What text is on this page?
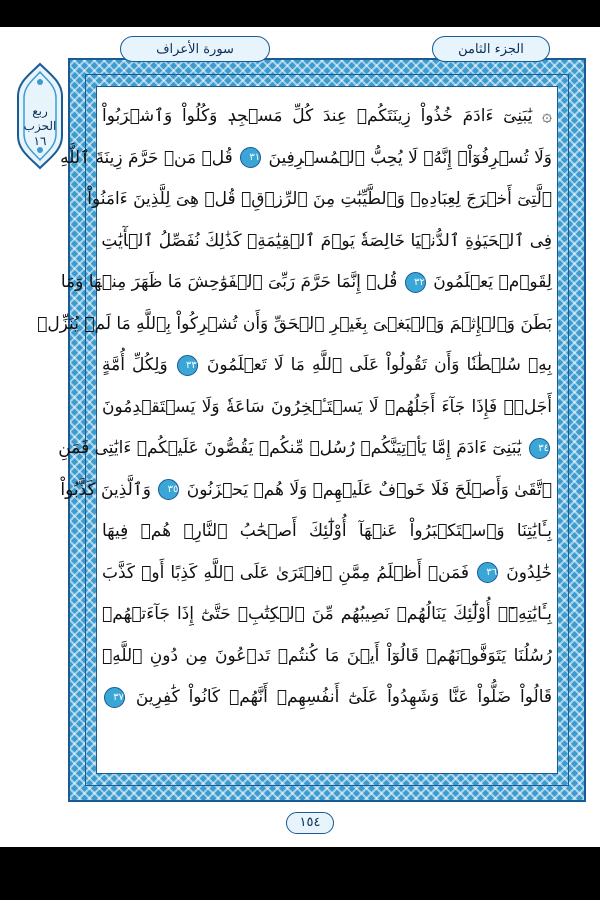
ربع
الحزب
١٦
الجزء الثامن
سورة الأعراف
۞ يَٰبَنِىٓ ءَادَمَ خُذُواْ زِينَتَكُمۡ عِندَ كُلِّ مَسۡجِدٖ وَكُلُواْ وَٱشۡرَبُواْ
وَلَا تُسۡرِفُوٓاْۚ إِنَّهُۥ لَا يُحِبُّ ٱلۡمُسۡرِفِينَ ٣١ قُلۡ مَنۡ حَرَّمَ زِينَةَ ٱللَّهِ
ٱلَّتِىٓ أَخۡرَجَ لِعِبَادِهِۦ وَٱلطَّيِّبَٰتِ مِنَ ٱلرِّزۡقِۚ قُلۡ هِىَ لِلَّذِينَ ءَامَنُواْ
فِى ٱلۡحَيَوٰةِ ٱلدُّنۡيَا خَالِصَةٗ يَوۡمَ ٱلۡقِيَٰمَةِۗ كَذَٰلِكَ نُفَصِّلُ ٱلۡأٓيَٰتِ
لِقَوۡمٖ يَعۡلَمُونَ ٣٢ قُلۡ إِنَّمَا حَرَّمَ رَبِّىَ ٱلۡفَوَٰحِشَ مَا ظَهَرَ مِنۡهَا وَمَا
بَطَنَ وَٱلۡإِثۡمَ وَٱلۡبَغۡىَ بِغَيۡرِ ٱلۡحَقِّ وَأَن تُشۡرِكُواْ بِٱللَّهِ مَا لَمۡ يُنَزِّلۡ
بِهِۦ سُلۡطَٰنٗا وَأَن تَقُولُواْ عَلَى ٱللَّهِ مَا لَا تَعۡلَمُونَ ٣٣ وَلِكُلِّ أُمَّةٍ
أَجَلٞۖ فَإِذَا جَآءَ أَجَلُهُمۡ لَا يَسۡتَـٔۡخِرُونَ سَاعَةٗ وَلَا يَسۡتَقۡدِمُونَ
٣٤ يَٰبَنِىٓ ءَادَمَ إِمَّا يَأۡتِيَنَّكُمۡ رُسُلٞ مِّنكُمۡ يَقُصُّونَ عَلَيۡكُمۡ ءَايَٰتِى فَمَنِ
ٱتَّقَىٰ وَأَصۡلَحَ فَلَا خَوۡفٌ عَلَيۡهِمۡ وَلَا هُمۡ يَحۡزَنُونَ ٣٥ وَٱلَّذِينَ كَذَّبُواْ
بِـَٔايَٰتِنَا وَٱسۡتَكۡبَرُواْ عَنۡهَآ أُوْلَٰٓئِكَ أَصۡحَٰبُ ٱلنَّارِۖ هُمۡ فِيهَا
خَٰلِدُونَ ٣٦ فَمَنۡ أَظۡلَمُ مِمَّنِ ٱفۡتَرَىٰ عَلَى ٱللَّهِ كَذِبًا أَوۡ كَذَّبَ
بِـَٔايَٰتِهِۦٓۚ أُوْلَٰٓئِكَ يَنَالُهُمۡ نَصِيبُهُم مِّنَ ٱلۡكِتَٰبِۖ حَتَّىٰٓ إِذَا جَآءَتۡهُمۡ
رُسُلُنَا يَتَوَفَّوۡنَهُمۡ قَالُوٓاْ أَيۡنَ مَا كُنتُمۡ تَدۡعُونَ مِن دُونِ ٱللَّهِۖ
قَالُواْ ضَلُّواْ عَنَّا وَشَهِدُواْ عَلَىٰٓ أَنفُسِهِمۡ أَنَّهُمۡ كَانُواْ كَٰفِرِينَ ٣٧
١٥٤
